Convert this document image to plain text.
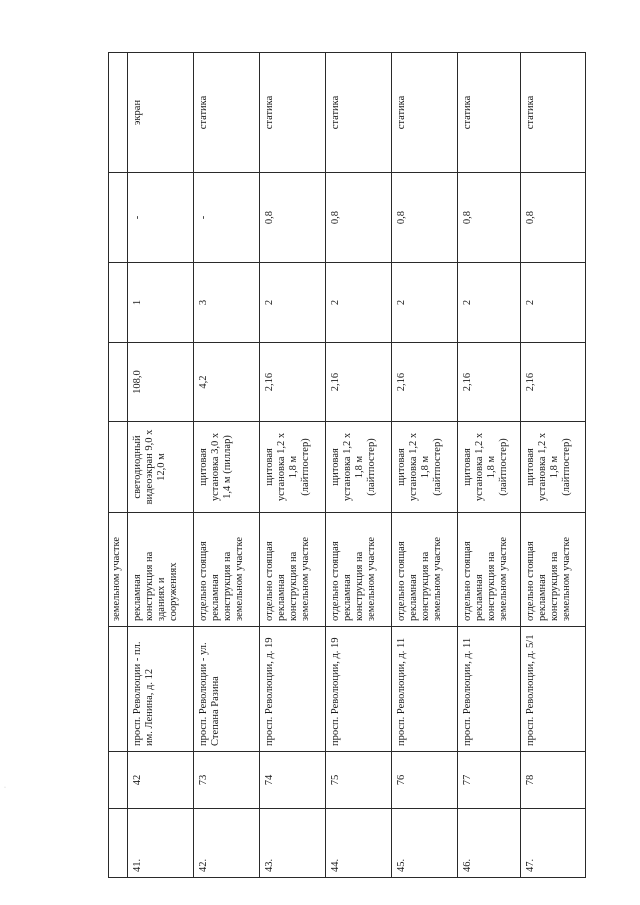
			земельном участке					
41.	42	просп. Революции - пл. им. Ленина, д. 12	рекламная конструкция на зданиях и сооружениях	светодиодный видеоэкран 9,0 х 12,0 м	108,0	1	-	экран
42.	73	просп. Революции - ул. Степана Разина	отдельно стоящая рекламная конструкция на земельном участке	щитовая установка 3,0 х 1,4 м (пиллар)	4,2	3	-	статика
43.	74	просп. Революции, д. 19	отдельно стоящая рекламная конструкция на земельном участке	щитовая установка 1,2 х 1,8 м (лайтпостер)	2,16	2	0,8	статика
44.	75	просп. Революции, д. 19	отдельно стоящая рекламная конструкция на земельном участке	щитовая установка 1,2 х 1,8 м (лайтпостер)	2,16	2	0,8	статика
45.	76	просп. Революции, д. 11	отдельно стоящая рекламная конструкция на земельном участке	щитовая установка 1,2 х 1,8 м (лайтпостер)	2,16	2	0,8	статика
46.	77	просп. Революции, д. 11	отдельно стоящая рекламная конструкция на земельном участке	щитовая установка 1,2 х 1,8 м (лайтпостер)	2,16	2	0,8	статика
47.	78	просп. Революции, д. 5/1	отдельно стоящая рекламная конструкция на земельном участке	щитовая установка 1,2 х 1,8 м (лайтпостер)	2,16	2	0,8	статика
·
